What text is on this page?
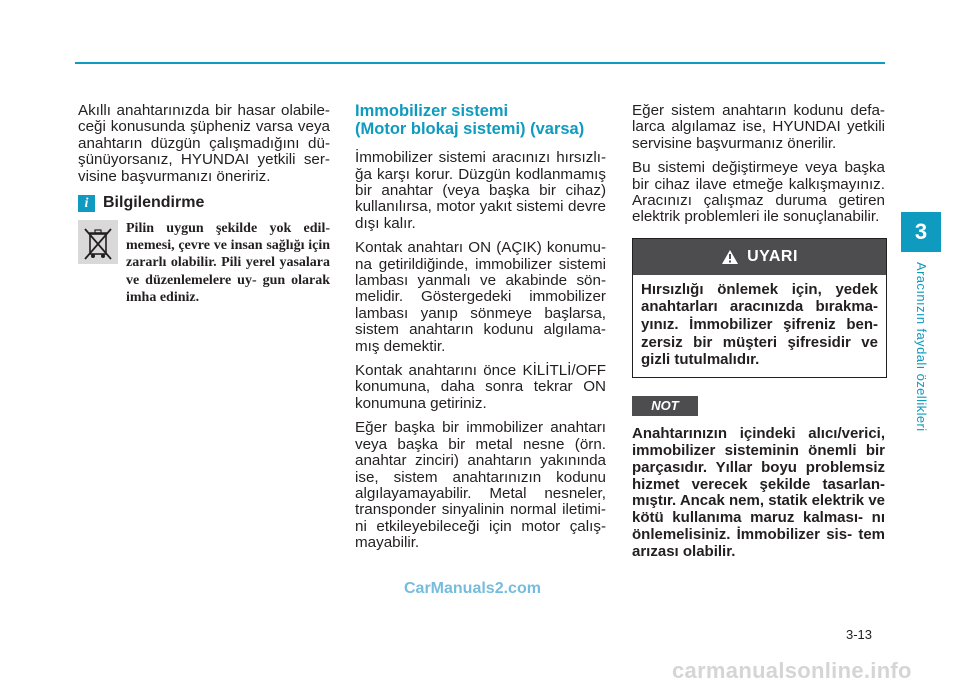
Akıllı anahtarınızda bir hasar olabile- ceği konusunda şüpheniz varsa veya anahtarın düzgün çalışmadığını dü- şünüyorsanız, HYUNDAI yetkili ser- visine başvurmanızı öneririz.

i Bilgilendirme
Pilin uygun şekilde yok edil- memesi, çevre ve insan sağlığı için zararlı olabilir. Pili yerel yasalara ve düzenlemelere uy- gun olarak imha ediniz.
Immobilizer sistemi
(Motor blokaj sistemi) (varsa)

İmmobilizer sistemi aracınızı hırsızlı- ğa karşı korur. Düzgün kodlanmamış bir anahtar (veya başka bir cihaz) kullanılırsa, motor yakıt sistemi devre dışı kalır.

Kontak anahtarı ON (AÇIK) konumu- na getirildiğinde, immobilizer sistemi lambası yanmalı ve akabinde sön- melidir. Göstergedeki immobilizer lambası yanıp sönmeye başlarsa, sistem anahtarın kodunu algılama- mış demektir.

Kontak anahtarını önce KİLİTLİ/OFF konumuna, daha sonra tekrar ON konumuna getiriniz.

Eğer başka bir immobilizer anahtarı veya başka bir metal nesne (örn. anahtar zinciri) anahtarın yakınında ise, sistem anahtarınızın kodunu algılayamayabilir. Metal nesneler, transponder sinyalinin normal iletimi- ni etkileyebileceği için motor çalış- mayabilir.

Eğer sistem anahtarın kodunu defa- larca algılamaz ise, HYUNDAI yetkili servisine başvurmanız önerilir.

Bu sistemi değiştirmeye veya başka bir cihaz ilave etmeğe kalkışmayınız. Aracınızı çalışmaz duruma getiren elektrik problemleri ile sonuçlanabilir.

UYARI
Hırsızlığı önlemek için, yedek anahtarları aracınızda bırakma- yınız. İmmobilizer şifreniz ben- zersiz bir müşteri şifresidir ve gizli tutulmalıdır.
NOT
Anahtarınızın içindeki alıcı/verici, immobilizer sisteminin önemli bir parçasıdır. Yıllar boyu problemsiz hizmet verecek şekilde tasarlan- mıştır. Ancak nem, statik elektrik ve kötü kullanıma maruz kalması- nı önlemelisiniz. İmmobilizer sis- tem arızası olabilir.
3
Aracınızın faydalı özellikleri
CarManuals2.com
3-13
carmanualsonline.info
